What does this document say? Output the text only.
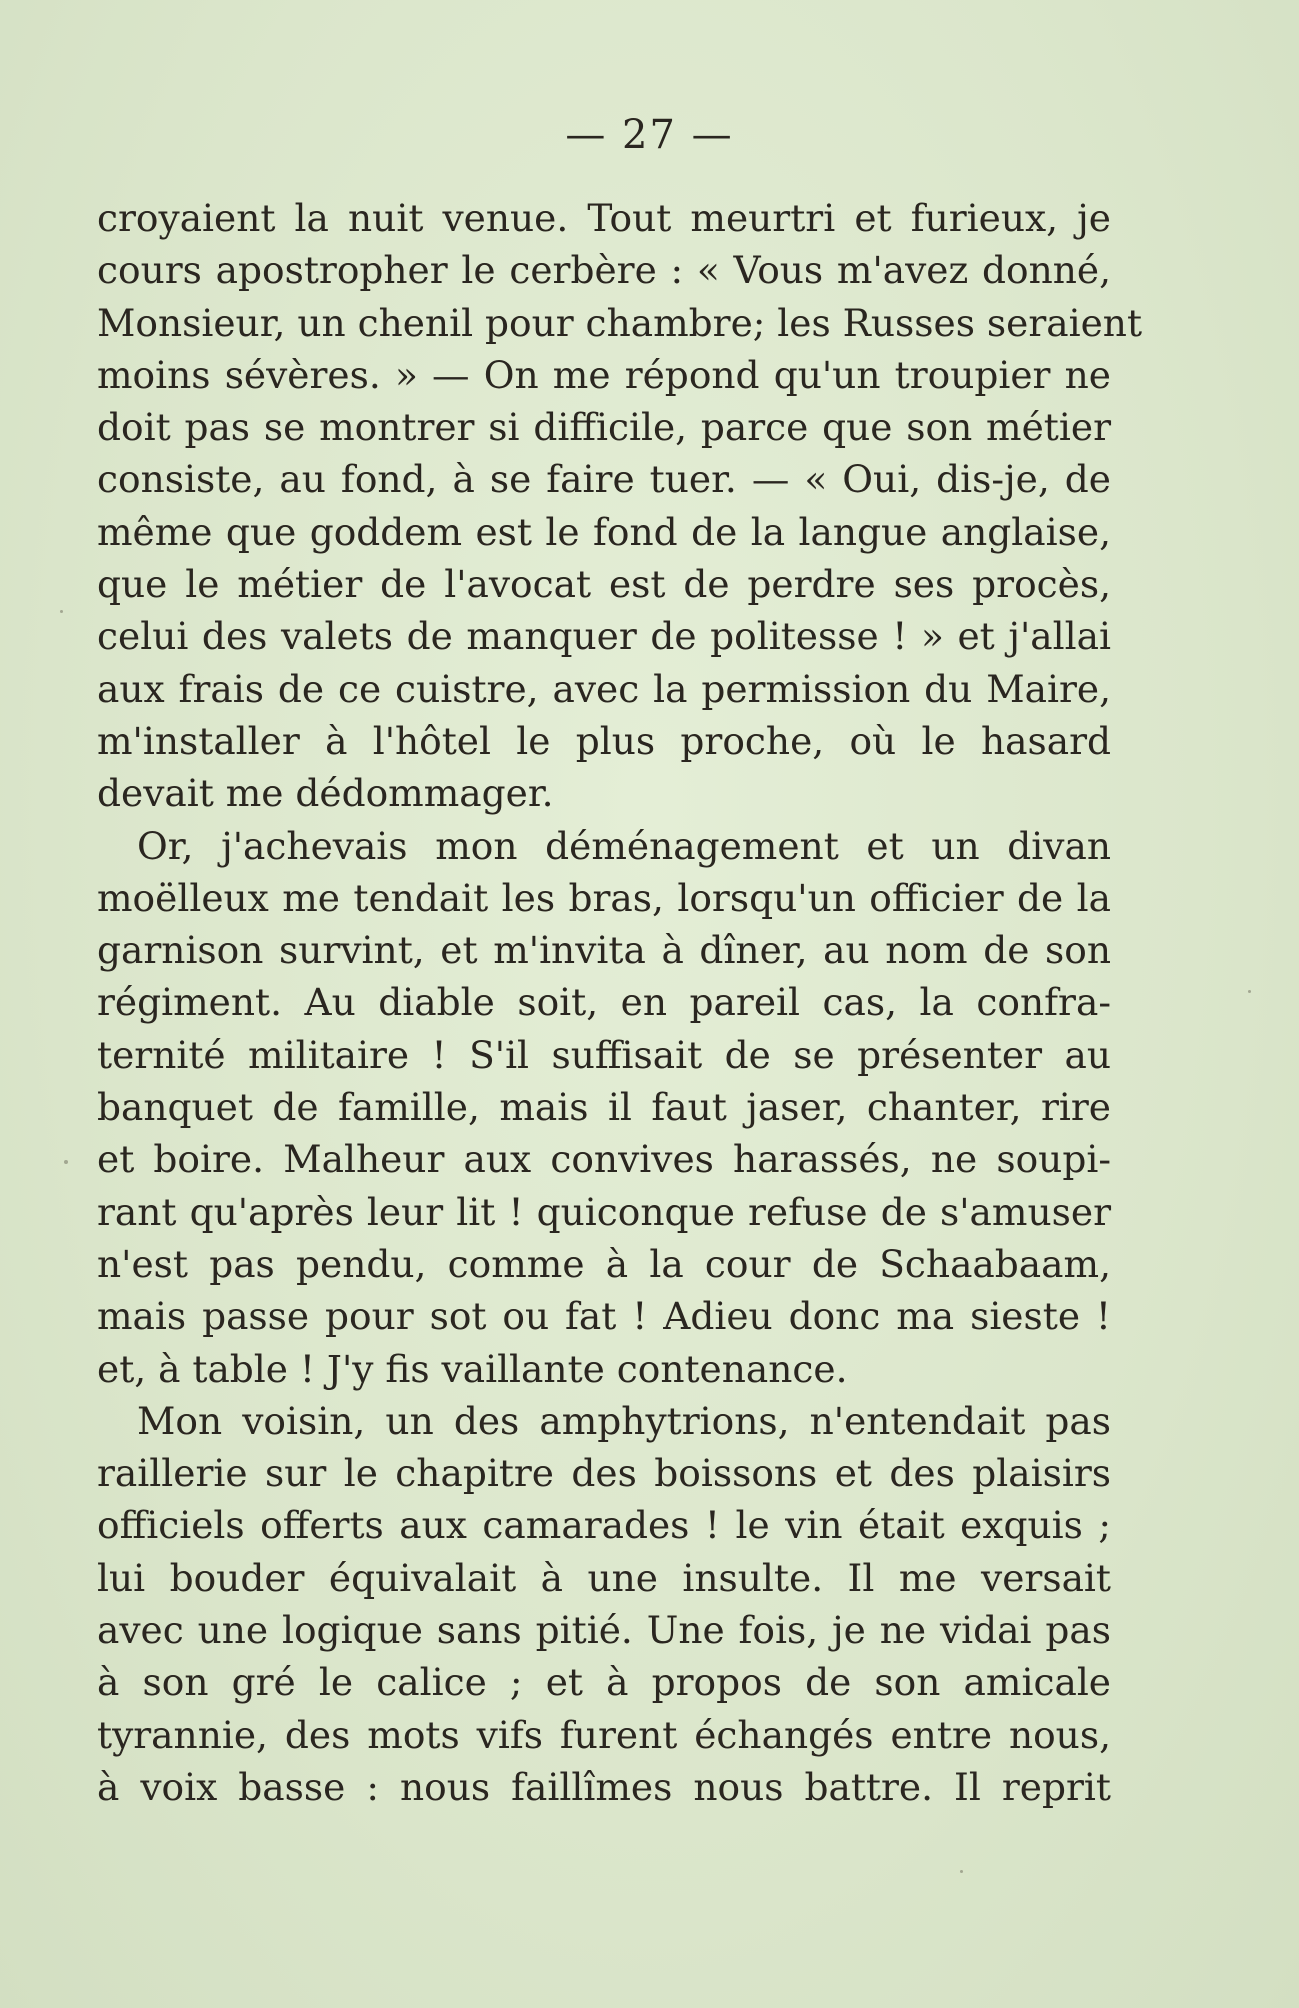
— 27 —
croyaient la nuit venue. Tout meurtri et furieux, je
cours apostropher le cerbère : « Vous m'avez donné,
Monsieur, un chenil pour chambre; les Russes seraient
moins sévères. » — On me répond qu'un troupier ne
doit pas se montrer si difficile, parce que son métier
consiste, au fond, à se faire tuer. — « Oui, dis-je, de
même que goddem est le fond de la langue anglaise,
que le métier de l'avocat est de perdre ses procès,
celui des valets de manquer de politesse ! » et j'allai
aux frais de ce cuistre, avec la permission du Maire,
m'installer à l'hôtel le plus proche, où le hasard
devait me dédommager.
Or, j'achevais mon déménagement et un divan
moëlleux me tendait les bras, lorsqu'un officier de la
garnison survint, et m'invita à dîner, au nom de son
régiment. Au diable soit, en pareil cas, la confra-
ternité militaire ! S'il suffisait de se présenter au
banquet de famille, mais il faut jaser, chanter, rire
et boire. Malheur aux convives harassés, ne soupi-
rant qu'après leur lit ! quiconque refuse de s'amuser
n'est pas pendu, comme à la cour de Schaabaam,
mais passe pour sot ou fat ! Adieu donc ma sieste !
et, à table ! J'y fis vaillante contenance.
Mon voisin, un des amphytrions, n'entendait pas
raillerie sur le chapitre des boissons et des plaisirs
officiels offerts aux camarades ! le vin était exquis ;
lui bouder équivalait à une insulte. Il me versait
avec une logique sans pitié. Une fois, je ne vidai pas
à son gré le calice ; et à propos de son amicale
tyrannie, des mots vifs furent échangés entre nous,
à voix basse : nous faillîmes nous battre. Il reprit
